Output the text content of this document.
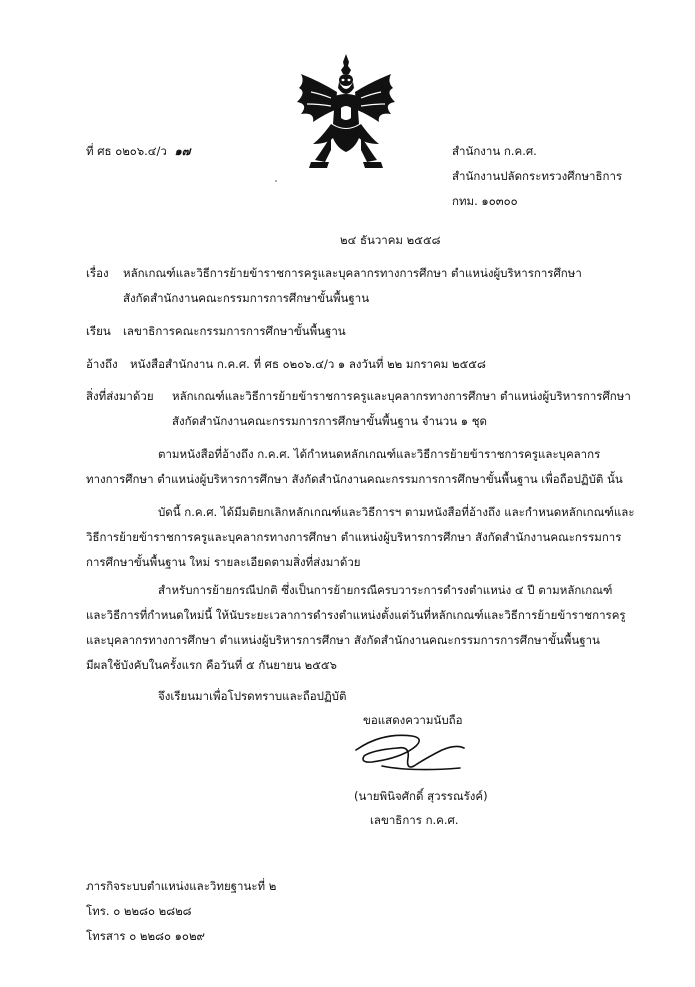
ที่ ศธ ๐๒๐๖.๔/ว ๑๗	สำนักงาน ก.ค.ศ.
สำนักงานปลัดกระทรวงศึกษาธิการ
กทม. ๑๐๓๐๐
๒๔ ธันวาคม ๒๕๕๘
เรื่อง หลักเกณฑ์และวิธีการย้ายข้าราชการครูและบุคลากรทางการศึกษา ตำแหน่งผู้บริหารการศึกษา
สังกัดสำนักงานคณะกรรมการการศึกษาขั้นพื้นฐาน
เรียน เลขาธิการคณะกรรมการการศึกษาขั้นพื้นฐาน
อ้างถึง หนังสือสำนักงาน ก.ค.ศ. ที่ ศธ ๐๒๐๖.๔/ว ๑ ลงวันที่ ๒๒ มกราคม ๒๕๕๘
สิ่งที่ส่งมาด้วย หลักเกณฑ์และวิธีการย้ายข้าราชการครูและบุคลากรทางการศึกษา ตำแหน่งผู้บริหารการศึกษา
สังกัดสำนักงานคณะกรรมการการศึกษาขั้นพื้นฐาน จำนวน ๑ ชุด
ตามหนังสือที่อ้างถึง ก.ค.ศ. ได้กำหนดหลักเกณฑ์และวิธีการย้ายข้าราชการครูและบุคลากร
ทางการศึกษา ตำแหน่งผู้บริหารการศึกษา สังกัดสำนักงานคณะกรรมการการศึกษาขั้นพื้นฐาน เพื่อถือปฏิบัติ นั้น
บัดนี้ ก.ค.ศ. ได้มีมติยกเลิกหลักเกณฑ์และวิธีการฯ ตามหนังสือที่อ้างถึง และกำหนดหลักเกณฑ์และ
วิธีการย้ายข้าราชการครูและบุคลากรทางการศึกษา ตำแหน่งผู้บริหารการศึกษา สังกัดสำนักงานคณะกรรมการ
การศึกษาขั้นพื้นฐาน ใหม่ รายละเอียดตามสิ่งที่ส่งมาด้วย
สำหรับการย้ายกรณีปกติ ซึ่งเป็นการย้ายกรณีครบวาระการดำรงตำแหน่ง ๔ ปี ตามหลักเกณฑ์
และวิธีการที่กำหนดใหม่นี้ ให้นับระยะเวลาการดำรงตำแหน่งตั้งแต่วันที่หลักเกณฑ์และวิธีการย้ายข้าราชการครู
และบุคลากรทางการศึกษา ตำแหน่งผู้บริหารการศึกษา สังกัดสำนักงานคณะกรรมการการศึกษาขั้นพื้นฐาน
มีผลใช้บังคับในครั้งแรก คือวันที่ ๕ กันยายน ๒๕๕๖
จึงเรียนมาเพื่อโปรดทราบและถือปฏิบัติ
ขอแสดงความนับถือ
(นายพินิจศักดิ์ สุวรรณรังค์)
เลขาธิการ ก.ค.ศ.
ภารกิจระบบตำแหน่งและวิทยฐานะที่ ๒
โทร. ๐ ๒๒๘๐ ๒๘๒๘
โทรสาร ๐ ๒๒๘๐ ๑๐๒๙
